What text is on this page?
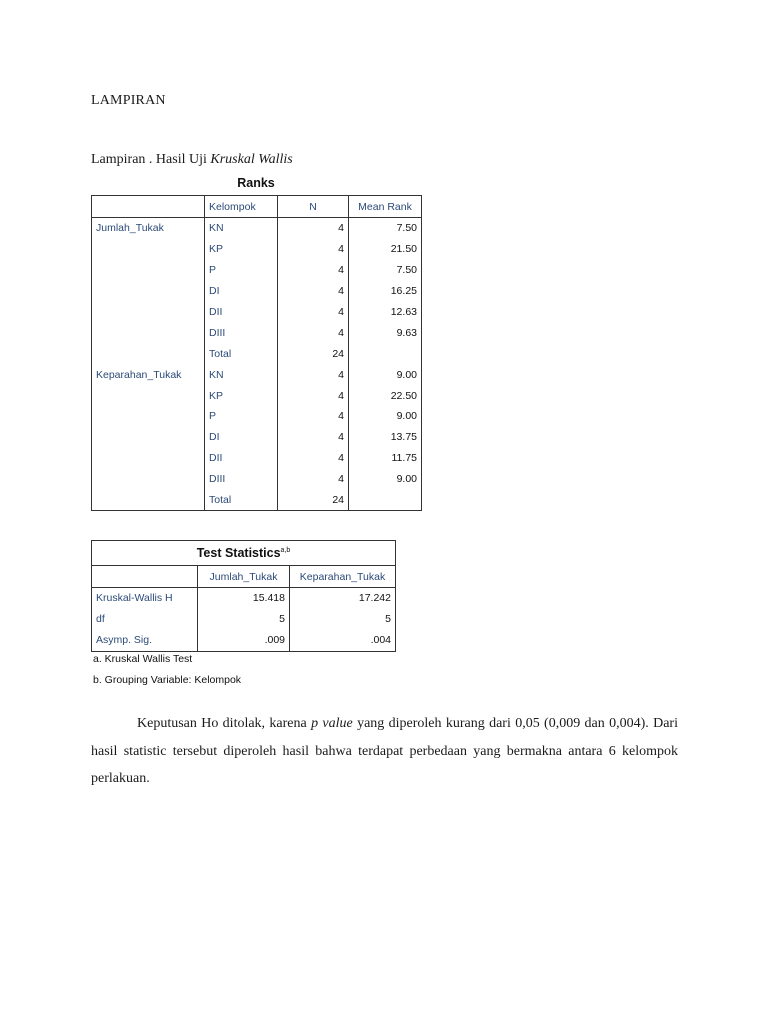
LAMPIRAN
Lampiran . Hasil Uji Kruskal Wallis
Ranks
	Kelompok	N	Mean Rank
Jumlah_Tukak	KN	4	7.50
	KP	4	21.50
	P	4	7.50
	DI	4	16.25
	DII	4	12.63
	DIII	4	9.63
	Total	24	
Keparahan_Tukak	KN	4	9.00
	KP	4	22.50
	P	4	9.00
	DI	4	13.75
	DII	4	11.75
	DIII	4	9.00
	Total	24	
Test Statistics$^{a,b}$
	Jumlah_Tukak	Keparahan_Tukak
Kruskal-Wallis H	15.418	17.242
df	5	5
Asymp. Sig.	.009	.004
a. Kruskal Wallis Test
b. Grouping Variable: Kelompok
Keputusan Ho ditolak, karena p value yang diperoleh kurang dari 0,05 (0,009 dan 0,004). Dari hasil statistic tersebut diperoleh hasil bahwa terdapat perbedaan yang bermakna antara 6 kelompok perlakuan.
